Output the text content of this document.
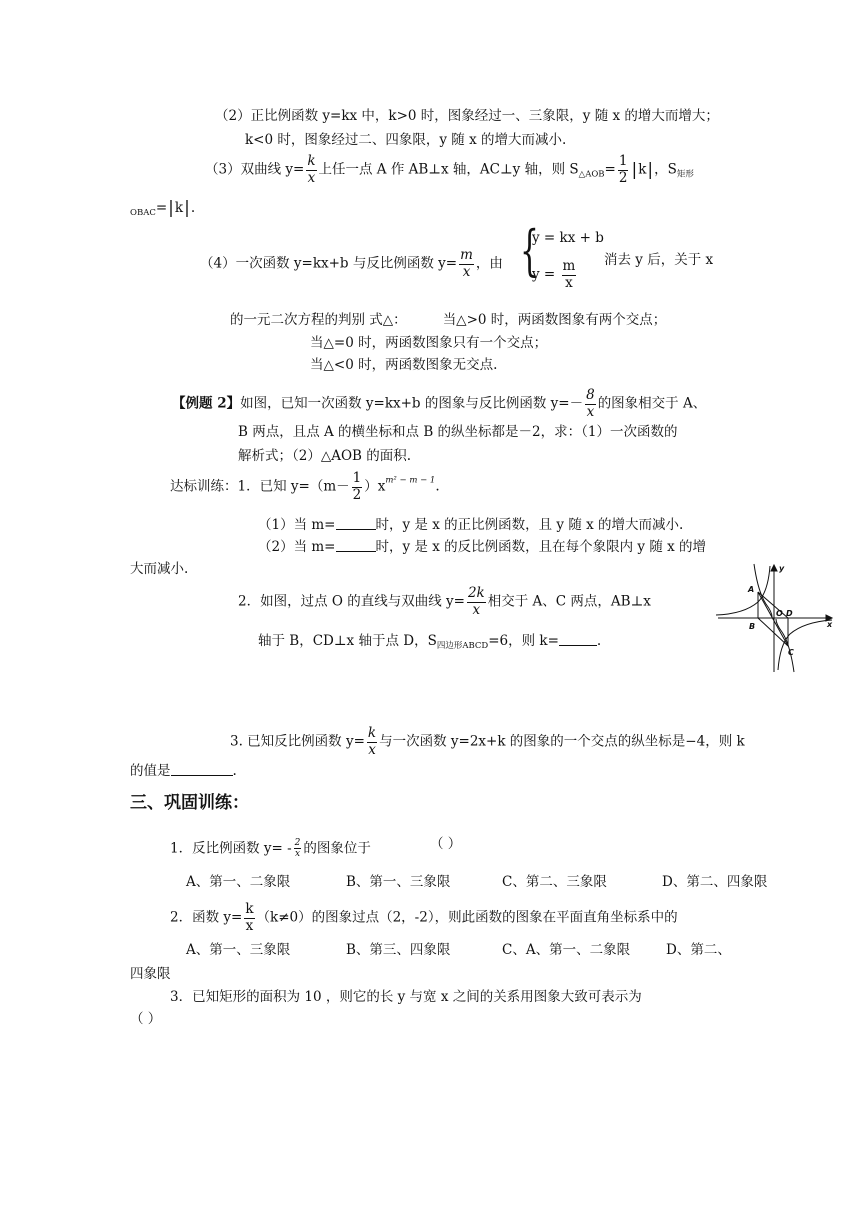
（2）正比例函数 y=kx 中，k>0 时，图象经过一、三象限，y 随 x 的增大而增大；
k<0 时，图象经过二、四象限，y 随 x 的增大而减小.
（3）双曲线 $y= \frac{k}{x}$ 上任一点 A 作 AB⊥x 轴，AC⊥y 轴，则 $S_{\triangle AOB}= \frac{1}{2} |k|$，$S_{矩形}$
$_{OBAC}$=|k|.
（4）一次函数 y=kx+b 与反比例函数 $y= \frac{m}{x}$ ，由 {
y = kx + b
$y = \frac{m}{x}$ 消去 y 后，关于 x
的一元二次方程的判别 式△：	当△>0 时，两函数图象有两个交点；
当△=0 时，两函数图象只有一个交点；
当△<0 时，两函数图象无交点.
【例题 2】如图，已知一次函数 y=kx+b 的图象与反比例函数 $y=- \frac{8}{x}$ 的图象相交于 A、
B 两点，且点 A 的横坐标和点 B 的纵坐标都是－2，求：（1）一次函数的
解析式；（2）△AOB 的面积.
达标训练：1．已知 $y=(m- \frac{1}{2} )x^{m^2 - m - 1}$.
（1）当 m=	时，y 是 x 的正比例函数，且 y 随 x 的增大而减小.
（2）当 m=	时，y 是 x 的反比例函数，且在每个象限内 y 随 x 的增
大而减小.
2．如图，过点 O 的直线与双曲线 $y= \frac{2k}{x}$ 相交于 A、C 两点，AB⊥x
轴于 B，CD⊥x 轴于点 D，$S_{四边形ABCD}=6$，则 k=	.
y
x
A
B
O D
C
3. 已知反比例函数 $y= \frac{k}{x}$ 与一次函数 y=2x+k 的图象的一个交点的纵坐标是−4，则 k
的值是	.
三、巩固训练：
1．反比例函数 $y= - \frac{2}{x}$ 的图象位于	（ ）
A、第一、二象限	B、第一、三象限	C、第二、三象限	D、第二、四象限
2．函数 $y= \frac{k}{x} (k\ne 0)$的图象过点（2，-2），则此函数的图象在平面直角坐标系中的
A、第一、三象限	B、第三、四象限	C、A、第一、二象限	D、第二、
四象限
3．已知矩形的面积为 10 ，则它的长 y 与宽 x 之间的关系用图象大致可表示为
（ ）
